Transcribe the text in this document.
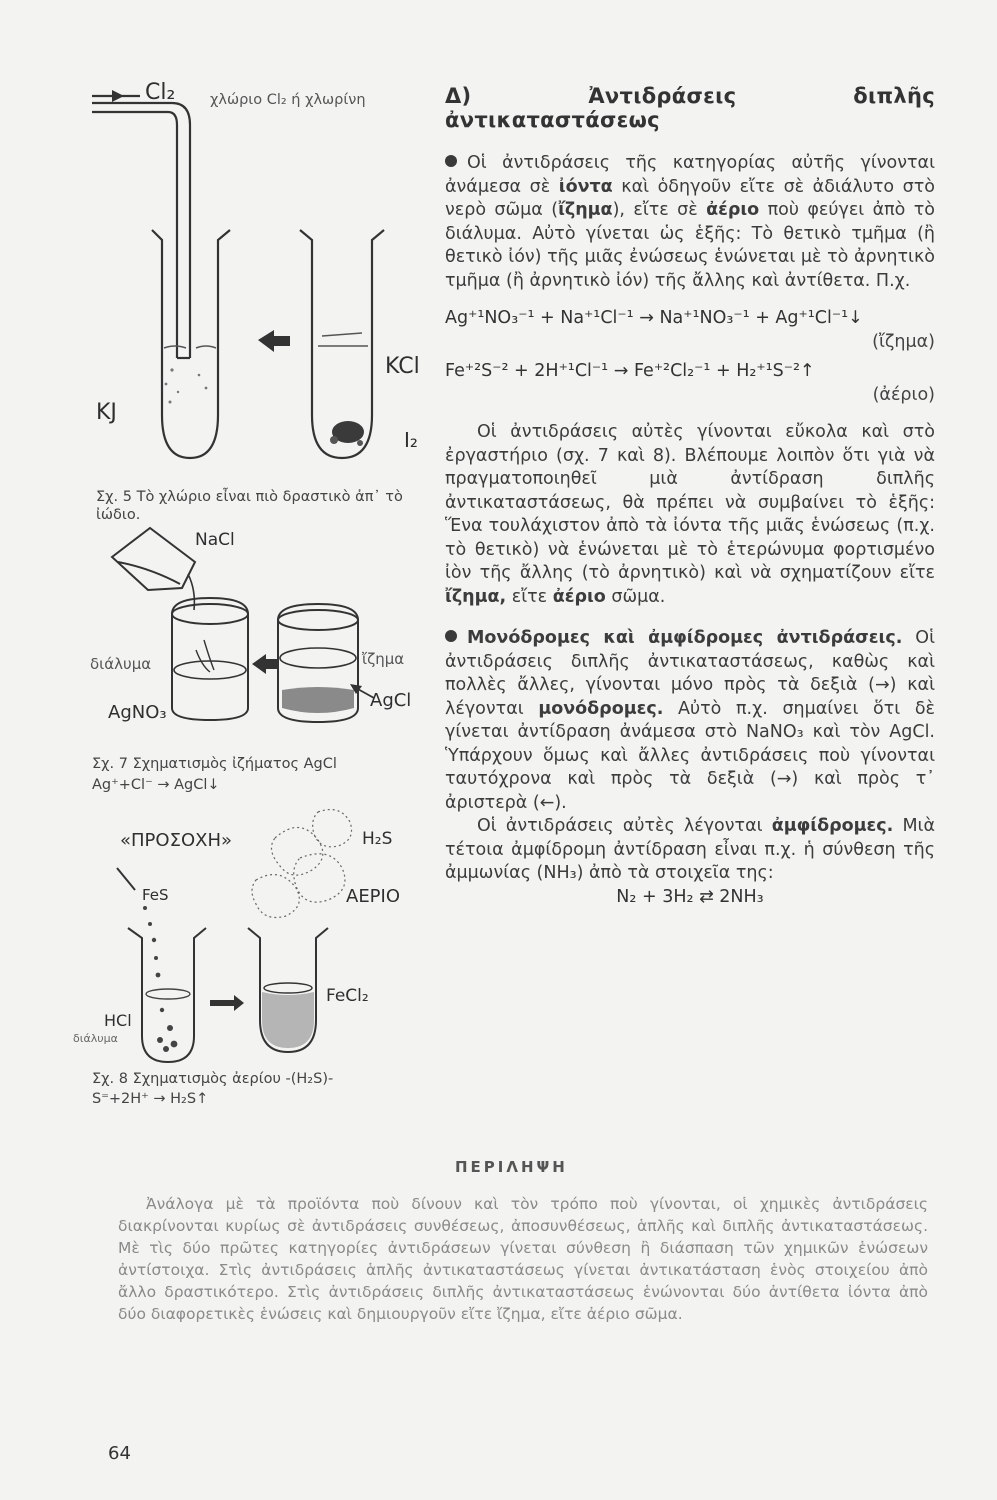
Cl₂ χλώριο Cl₂ ή χλωρίνη
KJ
KCl
I₂
Σχ. 5 Τὸ χλώριο εἶναι πιὸ δραστικὸ ἀπ᾿ τὸ ἰώδιο.
NaCl
διάλυμα
AgNO₃
ἴζημα
AgCl
Σχ. 7 Σχηματισμὸς ἰζήματος AgCl
Ag⁺+Cl⁻ → AgCl↓
«ΠΡΟΣΟΧΗ»	H₂S
FeS	ΑΕΡΙΟ
HCl
διάλυμα
FeCl₂
Σχ. 8 Σχηματισμὸς ἀερίου -(H₂S)-
S⁼+2H⁺ → H₂S↑

Δ) Ἀντιδράσεις διπλῆς ἀντικαταστάσεως

Οἱ ἀντιδράσεις τῆς κατηγορίας αὐτῆς γίνονται ἀνάμεσα σὲ ἰόντα καὶ ὁδηγοῦν εἴτε σὲ ἀδιάλυτο στὸ νερὸ σῶμα (ἴζημα), εἴτε σὲ ἀέριο ποὺ φεύγει ἀπὸ τὸ διάλυμα. Αὐτὸ γίνεται ὡς ἑξῆς: Τὸ θετικὸ τμῆμα (ἢ θετικὸ ἰόν) τῆς μιᾶς ἐνώσεως ἑνώνεται μὲ τὸ ἀρνητικὸ τμῆμα (ἢ ἀρνητικὸ ἰόν) τῆς ἄλλης καὶ ἀντίθετα. Π.χ.

Ag⁺¹NO₃⁻¹ + Na⁺¹Cl⁻¹ → Na⁺¹NO₃⁻¹ + Ag⁺¹Cl⁻¹↓

(ἴζημα)

Fe⁺²S⁻² + 2H⁺¹Cl⁻¹ → Fe⁺²Cl₂⁻¹ + H₂⁺¹S⁻²↑

(ἀέριο)

Οἱ ἀντιδράσεις αὐτὲς γίνονται εὔκολα καὶ στὸ ἐργαστήριο (σχ. 7 καὶ 8). Βλέπουμε λοιπὸν ὅτι γιὰ νὰ πραγματοποιηθεῖ μιὰ ἀντίδραση διπλῆς ἀντικαταστάσεως, θὰ πρέπει νὰ συμβαίνει τὸ ἑξῆς: Ἕνα τουλάχιστον ἀπὸ τὰ ἰόντα τῆς μιᾶς ἑνώσεως (π.χ. τὸ θετικὸ) νὰ ἑνώνεται μὲ τὸ ἑτερώνυμα φορτισμένο ἰὸν τῆς ἄλλης (τὸ ἀρνητικὸ) καὶ νὰ σχηματίζουν εἴτε ἴζημα, εἴτε ἀέριο σῶμα.

Μονόδρομες καὶ ἀμφίδρομες ἀντιδράσεις. Οἱ ἀντιδράσεις διπλῆς ἀντικαταστάσεως, καθὼς καὶ πολλὲς ἄλλες, γίνονται μόνο πρὸς τὰ δεξιὰ (→) καὶ λέγονται μονόδρομες. Αὐτὸ π.χ. σημαίνει ὅτι δὲ γίνεται ἀντίδραση ἀνάμεσα στὸ NaNO₃ καὶ τὸν AgCl. Ὑπάρχουν ὅμως καὶ ἄλλες ἀντιδράσεις ποὺ γίνονται ταυτόχρονα καὶ πρὸς τὰ δεξιὰ (→) καὶ πρὸς τ᾿ ἀριστερὰ (←).

Οἱ ἀντιδράσεις αὐτὲς λέγονται ἀμφίδρομες. Μιὰ τέτοια ἀμφίδρομη ἀντίδραση εἶναι π.χ. ἡ σύνθεση τῆς ἀμμωνίας (NH₃) ἀπὸ τὰ στοιχεῖα της:

N₂ + 3H₂ ⇄ 2NH₃

ΠΕΡΙΛΗΨΗ

Ἀνάλογα μὲ τὰ προϊόντα ποὺ δίνουν καὶ τὸν τρόπο ποὺ γίνονται, οἱ χημικὲς ἀντιδράσεις διακρίνονται κυρίως σὲ ἀντιδράσεις συνθέσεως, ἀποσυνθέσεως, ἁπλῆς καὶ διπλῆς ἀντικαταστάσεως. Μὲ τὶς δύο πρῶτες κατηγορίες ἀντιδράσεων γίνεται σύνθεση ἢ διάσπαση τῶν χημικῶν ἑνώσεων ἀντίστοιχα. Στὶς ἀντιδράσεις ἁπλῆς ἀντικαταστάσεως γίνεται ἀντικατάσταση ἑνὸς στοιχείου ἀπὸ ἄλλο δραστικότερο. Στὶς ἀντιδράσεις διπλῆς ἀντικαταστάσεως ἑνώνονται δύο ἀντίθετα ἰόντα ἀπὸ δύο διαφορετικὲς ἑνώσεις καὶ δημιουργοῦν εἴτε ἴζημα, εἴτε ἀέριο σῶμα.

64
